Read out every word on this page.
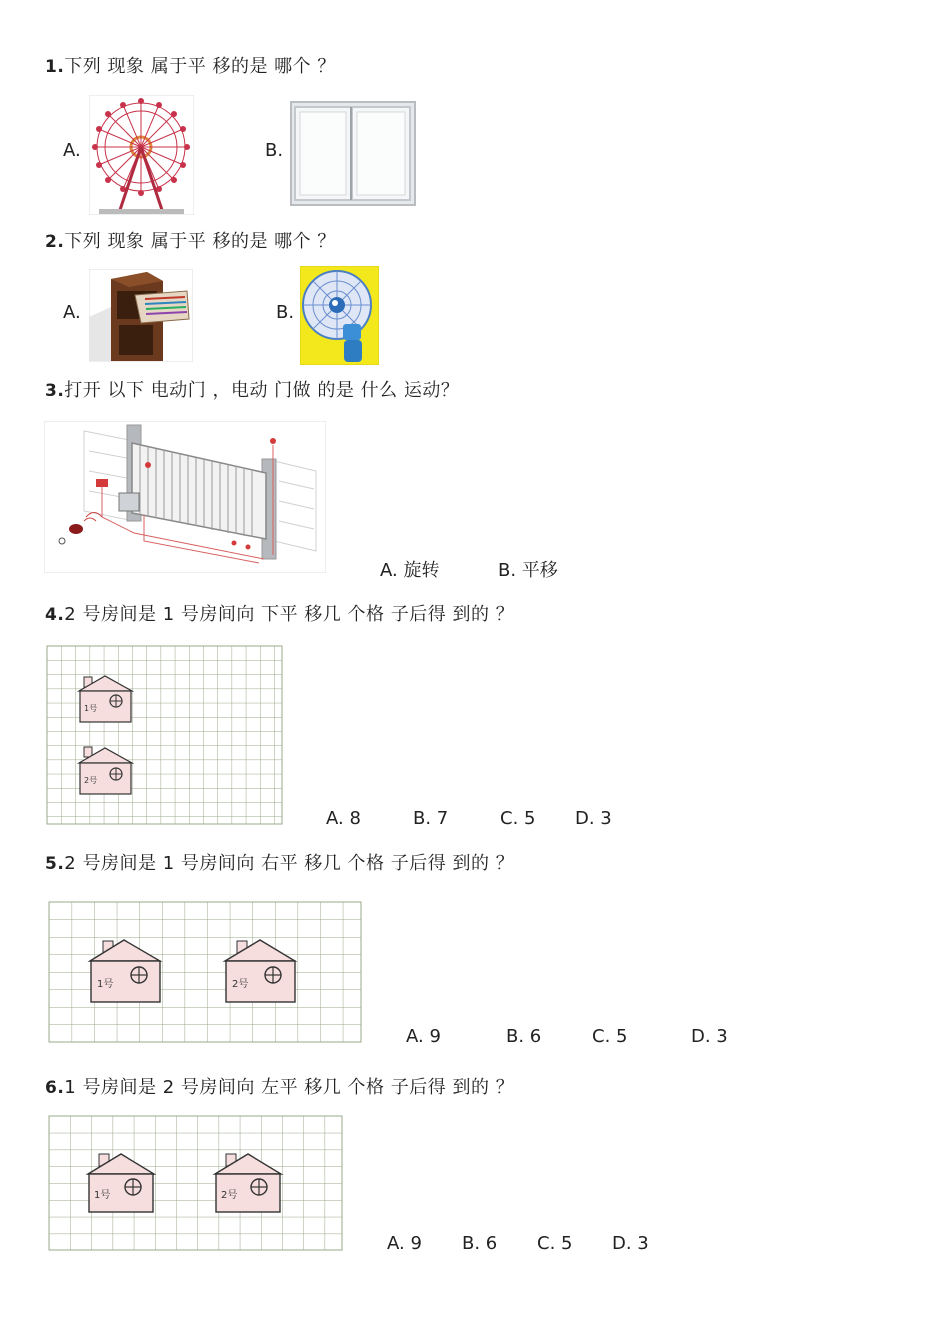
1.下列 现象 属于平 移的是 哪个 ？
A.	B.
2.下列 现象 属于平 移的是 哪个 ？
A.	B.
3.打开 以下 电动门 ，电动 门做 的是 什么 运动？
A. 旋转	B. 平移
4.2 号房间是 1 号房间向 下平 移几 个格 子后得 到的 ？
1号
2号
A. 8	B. 7	C. 5 D. 3
5.2 号房间是 1 号房间向 右平 移几 个格 子后得 到的 ？
1号	2号
A. 9	B. 6	C. 5	D. 3
6.1 号房间是 2 号房间向 左平 移几 个格 子后得 到的 ？
1号	2号
A. 9 B. 6 C. 5 D. 3
